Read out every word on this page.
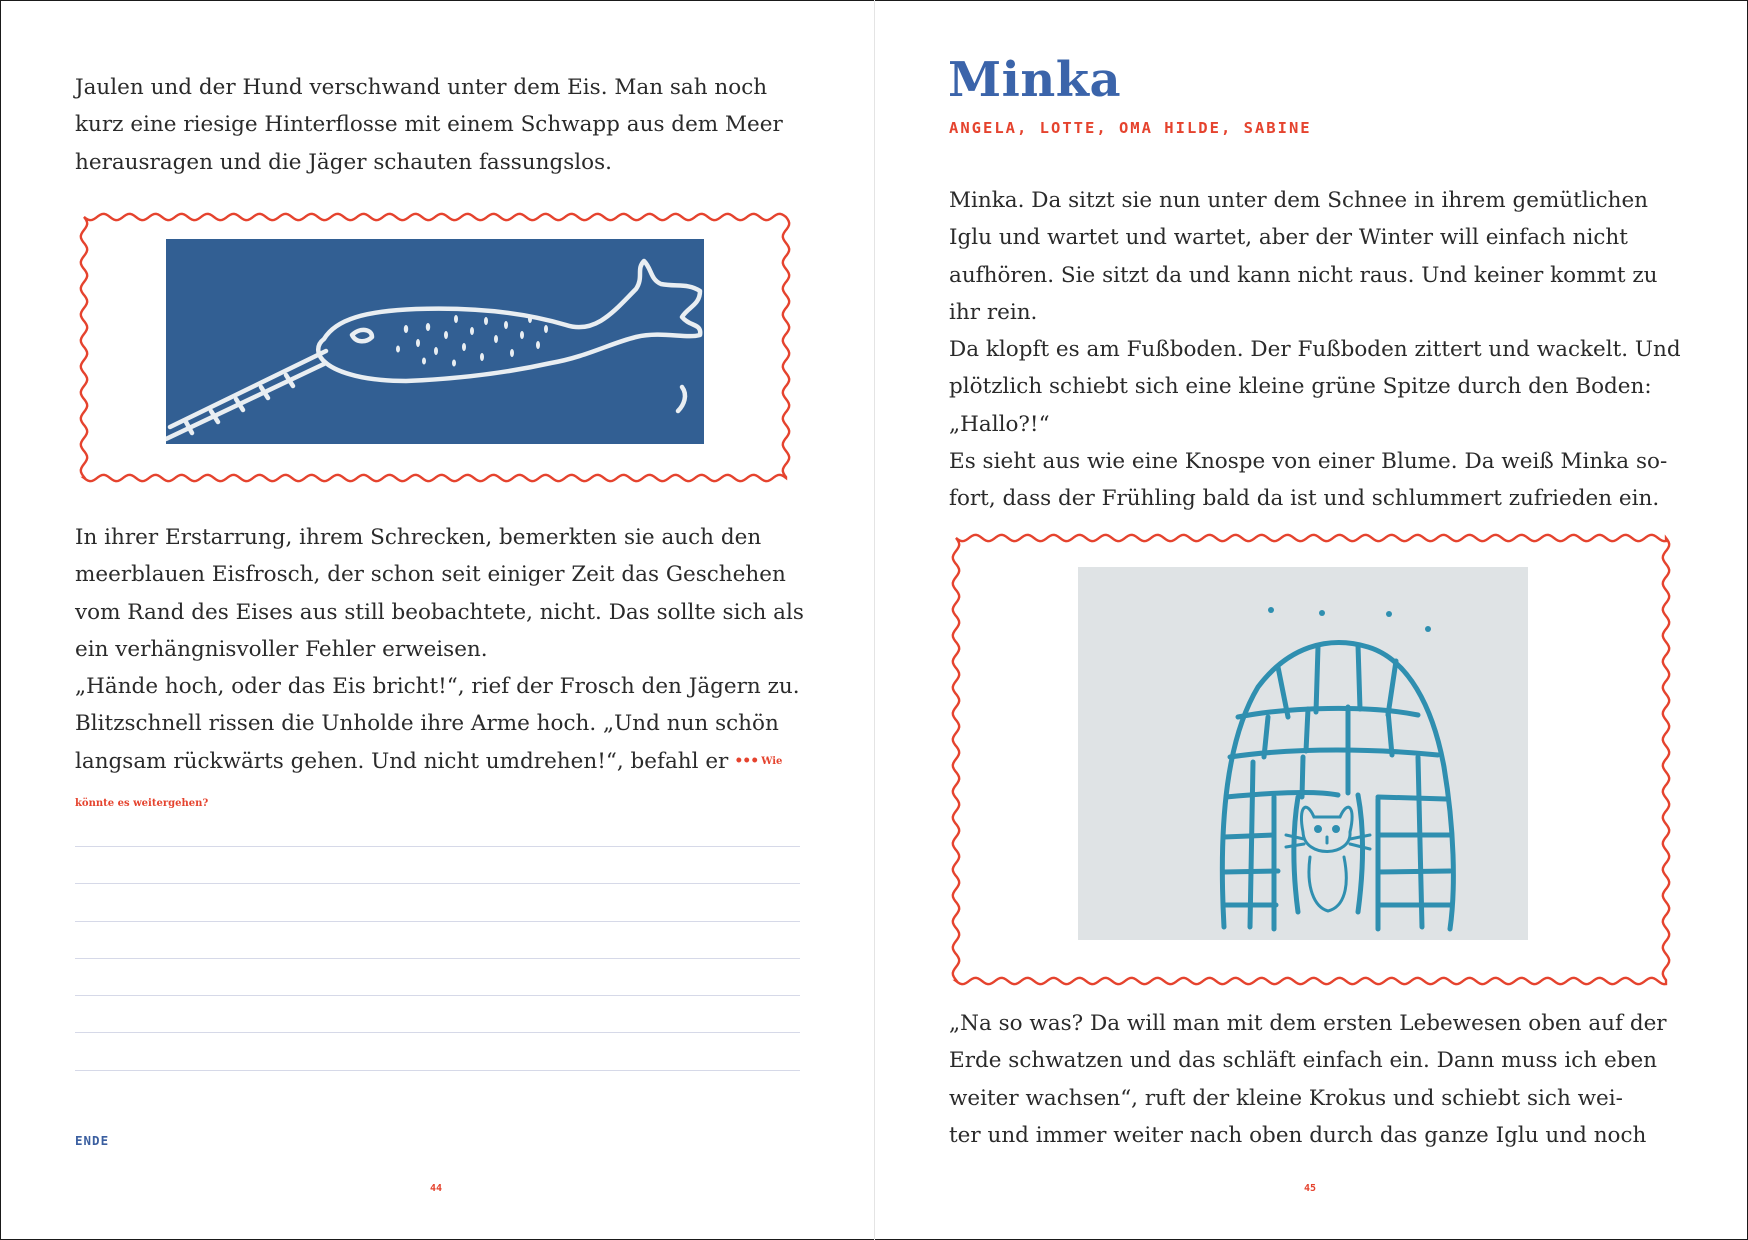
Jaulen und der Hund verschwand unter dem Eis. Man sah noch

kurz eine riesige Hinterflosse mit einem Schwapp aus dem Meer

herausragen und die Jäger schauten fassungslos.

In ihrer Erstarrung, ihrem Schrecken, bemerkten sie auch den

meerblauen Eisfrosch, der schon seit einiger Zeit das Geschehen

vom Rand des Eises aus still beobachtete, nicht. Das sollte sich als

ein verhängnisvoller Fehler erweisen.

„Hände hoch, oder das Eis bricht!“, rief der Frosch den Jägern zu.

Blitzschnell rissen die Unholde ihre Arme hoch. „Und nun schön

langsam rückwärts gehen. Und nicht umdrehen!“, befahl er ••• Wie

könnte es weitergehen?
ENDE
44
Minka
ANGELA, LOTTE, OMA HILDE, SABINE

Minka. Da sitzt sie nun unter dem Schnee in ihrem gemütlichen

Iglu und wartet und wartet, aber der Winter will einfach nicht

aufhören. Sie sitzt da und kann nicht raus. Und keiner kommt zu

ihr rein.

Da klopft es am Fußboden. Der Fußboden zittert und wackelt. Und

plötzlich schiebt sich eine kleine grüne Spitze durch den Boden:

„Hallo?!“

Es sieht aus wie eine Knospe von einer Blume. Da weiß Minka so-

fort, dass der Frühling bald da ist und schlummert zufrieden ein.

„Na so was? Da will man mit dem ersten Lebewesen oben auf der

Erde schwatzen und das schläft einfach ein. Dann muss ich eben

weiter wachsen“, ruft der kleine Krokus und schiebt sich wei-

ter und immer weiter nach oben durch das ganze Iglu und noch

45
